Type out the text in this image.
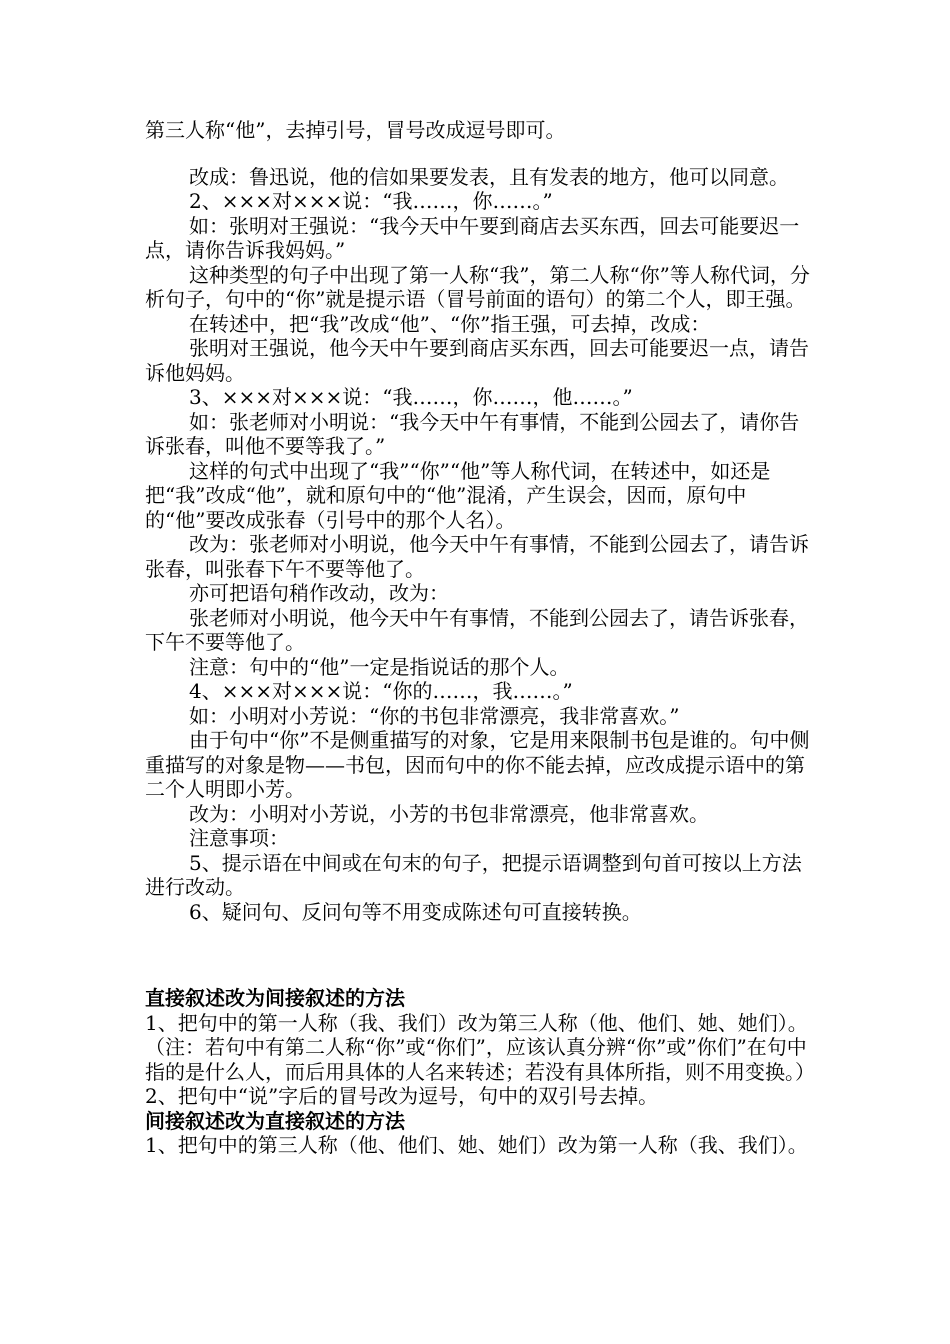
第三人称“他”，去掉引号，冒号改成逗号即可。

改成：鲁迅说，他的信如果要发表，且有发表的地方，他可以同意。

2、×××对×××说：“我……，你……。”

如：张明对王强说：“我今天中午要到商店去买东西，回去可能要迟一点，请你告诉我妈妈。”

这种类型的句子中出现了第一人称“我”，第二人称“你”等人称代词，分析句子，句中的“你”就是提示语（冒号前面的语句）的第二个人，即王强。

在转述中，把“我”改成“他”、“你”指王强，可去掉，改成：

张明对王强说，他今天中午要到商店买东西，回去可能要迟一点，请告诉他妈妈。

3、×××对×××说：“我……，你……，他……。”

如：张老师对小明说：“我今天中午有事情，不能到公园去了，请你告诉张春，叫他不要等我了。”

这样的句式中出现了“我”“你”“他”等人称代词，在转述中，如还是把“我”改成“他”，就和原句中的“他”混淆，产生误会，因而，原句中的“他”要改成张春（引号中的那个人名）。

改为：张老师对小明说，他今天中午有事情，不能到公园去了，请告诉张春，叫张春下午不要等他了。

亦可把语句稍作改动，改为：

张老师对小明说，他今天中午有事情，不能到公园去了，请告诉张春，下午不要等他了。

注意：句中的“他”一定是指说话的那个人。

4、×××对×××说：“你的……，我……。”

如：小明对小芳说：“你的书包非常漂亮，我非常喜欢。”

由于句中“你”不是侧重描写的对象，它是用来限制书包是谁的。句中侧重描写的对象是物——书包，因而句中的你不能去掉，应改成提示语中的第二个人明即小芳。

改为：小明对小芳说，小芳的书包非常漂亮，他非常喜欢。

注意事项：

5、提示语在中间或在句末的句子，把提示语调整到句首可按以上方法进行改动。

6、疑问句、反问句等不用变成陈述句可直接转换。

直接叙述改为间接叙述的方法

1、把句中的第一人称（我、我们）改为第三人称（他、他们、她、她们）。（注：若句中有第二人称“你”或“你们”，应该认真分辨“你”或”你们”在句中指的是什么人，而后用具体的人名来转述；若没有具体所指，则不用变换。）

2、把句中“说”字后的冒号改为逗号，句中的双引号去掉。

间接叙述改为直接叙述的方法

1、把句中的第三人称（他、他们、她、她们）改为第一人称（我、我们）。
